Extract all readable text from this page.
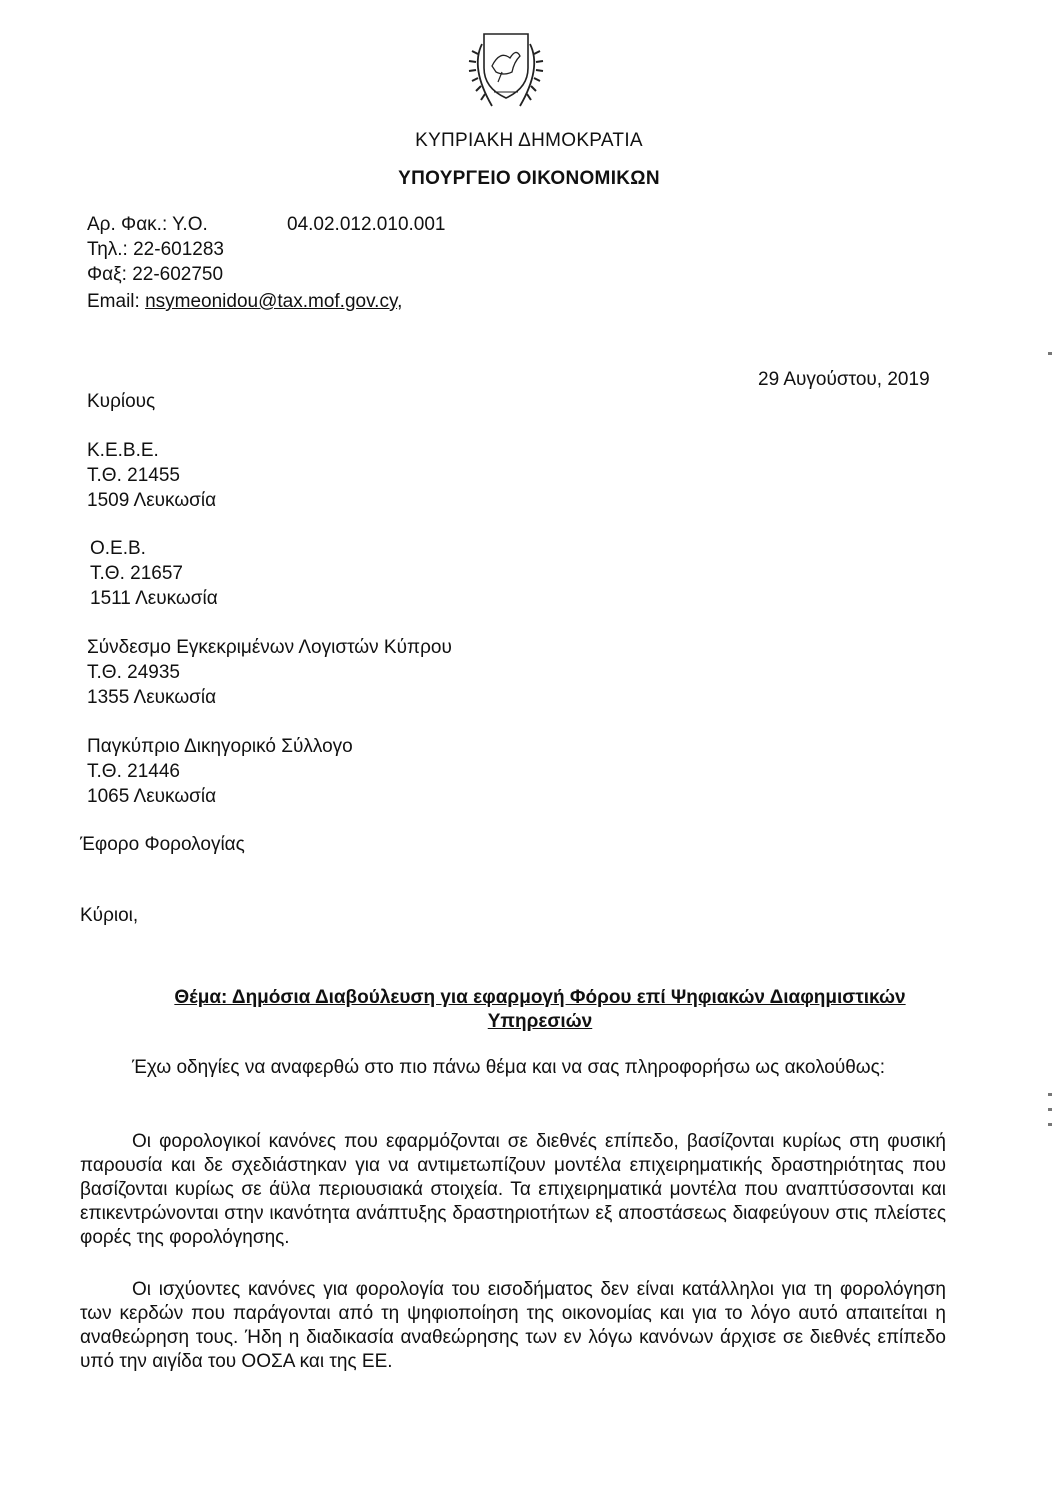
ΚΥΠΡΙΑΚΗ ΔΗΜΟΚΡΑΤΙΑ
ΥΠΟΥΡΓΕΙΟ ΟΙΚΟΝΟΜΙΚΩΝ
Αρ. Φακ.: Υ.Ο.	04.02.012.010.001
Τηλ.: 22-601283
Φαξ: 22-602750
Email: nsymeonidou@tax.mof.gov.cy,
29 Αυγούστου, 2019
Κυρίους
Κ.Ε.Β.Ε.
Τ.Θ. 21455
1509 Λευκωσία
Ο.Ε.Β.
Τ.Θ. 21657
1511 Λευκωσία
Σύνδεσμο Εγκεκριμένων Λογιστών Κύπρου
Τ.Θ. 24935
1355 Λευκωσία
Παγκύπριο Δικηγορικό Σύλλογο
Τ.Θ. 21446
1065 Λευκωσία
Έφορο Φορολογίας
Κύριοι,
Θέμα: Δημόσια Διαβούλευση για εφαρμογή Φόρου επί Ψηφιακών Διαφημιστικών
Υπηρεσιών
Έχω οδηγίες να αναφερθώ στο πιο πάνω θέμα και να σας πληροφορήσω ως ακολούθως:
Οι φορολογικοί κανόνες που εφαρμόζονται σε διεθνές επίπεδο, βασίζονται κυρίως στη φυσική παρουσία και δε σχεδιάστηκαν για να αντιμετωπίζουν μοντέλα επιχειρηματικής δραστηριότητας που βασίζονται κυρίως σε άϋλα περιουσιακά στοιχεία. Τα επιχειρηματικά μοντέλα που αναπτύσσονται και επικεντρώνονται στην ικανότητα ανάπτυξης δραστηριοτήτων εξ αποστάσεως διαφεύγουν στις πλείστες φορές της φορολόγησης.
Οι ισχύοντες κανόνες για φορολογία του εισοδήματος δεν είναι κατάλληλοι για τη φορολόγηση των κερδών που παράγονται από τη ψηφιοποίηση της οικονομίας και για το λόγο αυτό απαιτείται η αναθεώρηση τους. Ήδη η διαδικασία αναθεώρησης των εν λόγω κανόνων άρχισε σε διεθνές επίπεδο υπό την αιγίδα του ΟΟΣΑ και της ΕΕ.
